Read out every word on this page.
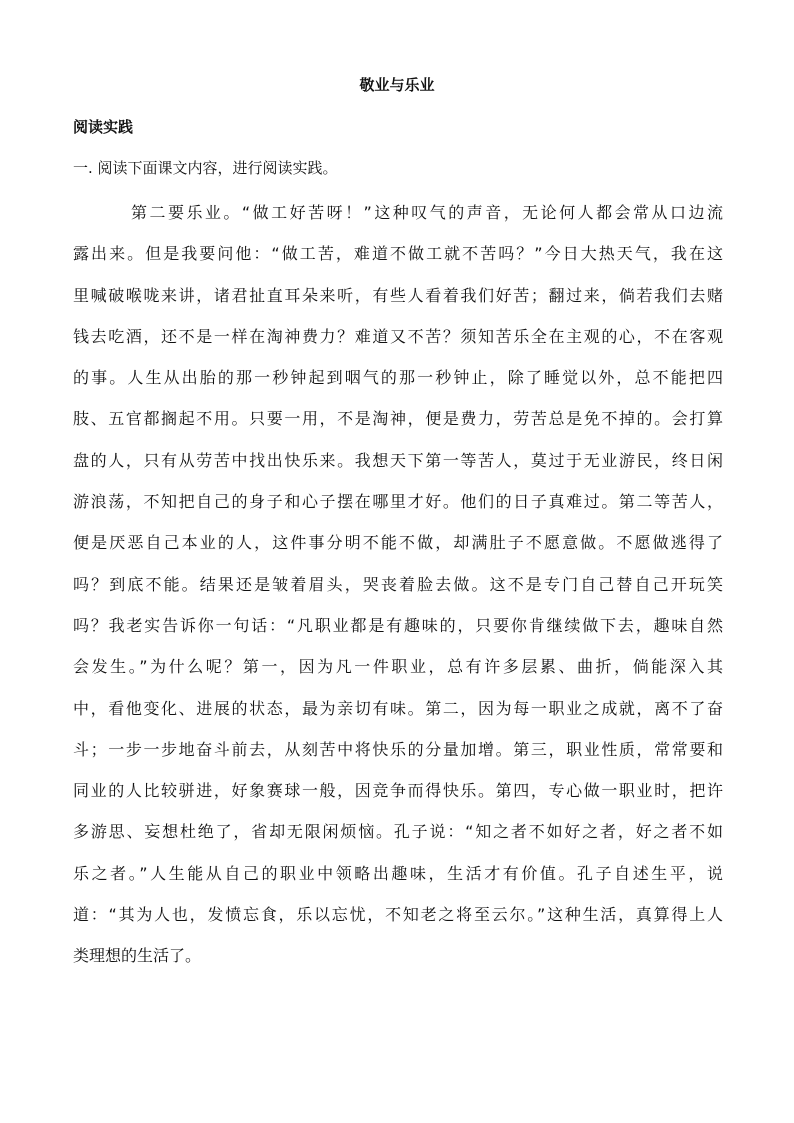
敬业与乐业
阅读实践
一. 阅读下面课文内容，进行阅读实践。
第二要乐业。“做工好苦呀！”这种叹气的声音，无论何人都会常从口边流
露出来。但是我要问他：“做工苦，难道不做工就不苦吗？”今日大热天气，我在这
里喊破喉咙来讲，诸君扯直耳朵来听，有些人看着我们好苦；翻过来，倘若我们去赌
钱去吃酒，还不是一样在淘神费力？难道又不苦？须知苦乐全在主观的心，不在客观
的事。人生从出胎的那一秒钟起到咽气的那一秒钟止，除了睡觉以外，总不能把四
肢、五官都搁起不用。只要一用，不是淘神，便是费力，劳苦总是免不掉的。会打算
盘的人，只有从劳苦中找出快乐来。我想天下第一等苦人，莫过于无业游民，终日闲
游浪荡，不知把自己的身子和心子摆在哪里才好。他们的日子真难过。第二等苦人，
便是厌恶自己本业的人，这件事分明不能不做，却满肚子不愿意做。不愿做逃得了
吗？到底不能。结果还是皱着眉头，哭丧着脸去做。这不是专门自己替自己开玩笑
吗？我老实告诉你一句话：“凡职业都是有趣味的，只要你肯继续做下去，趣味自然
会发生。”为什么呢？第一，因为凡一件职业，总有许多层累、曲折，倘能深入其
中，看他变化、进展的状态，最为亲切有味。第二，因为每一职业之成就，离不了奋
斗；一步一步地奋斗前去，从刻苦中将快乐的分量加增。第三，职业性质，常常要和
同业的人比较骈进，好象赛球一般，因竞争而得快乐。第四，专心做一职业时，把许
多游思、妄想杜绝了，省却无限闲烦恼。孔子说：“知之者不如好之者，好之者不如
乐之者。”人生能从自己的职业中领略出趣味，生活才有价值。孔子自述生平，说
道：“其为人也，发愤忘食，乐以忘忧，不知老之将至云尔。”这种生活，真算得上人
类理想的生活了。
